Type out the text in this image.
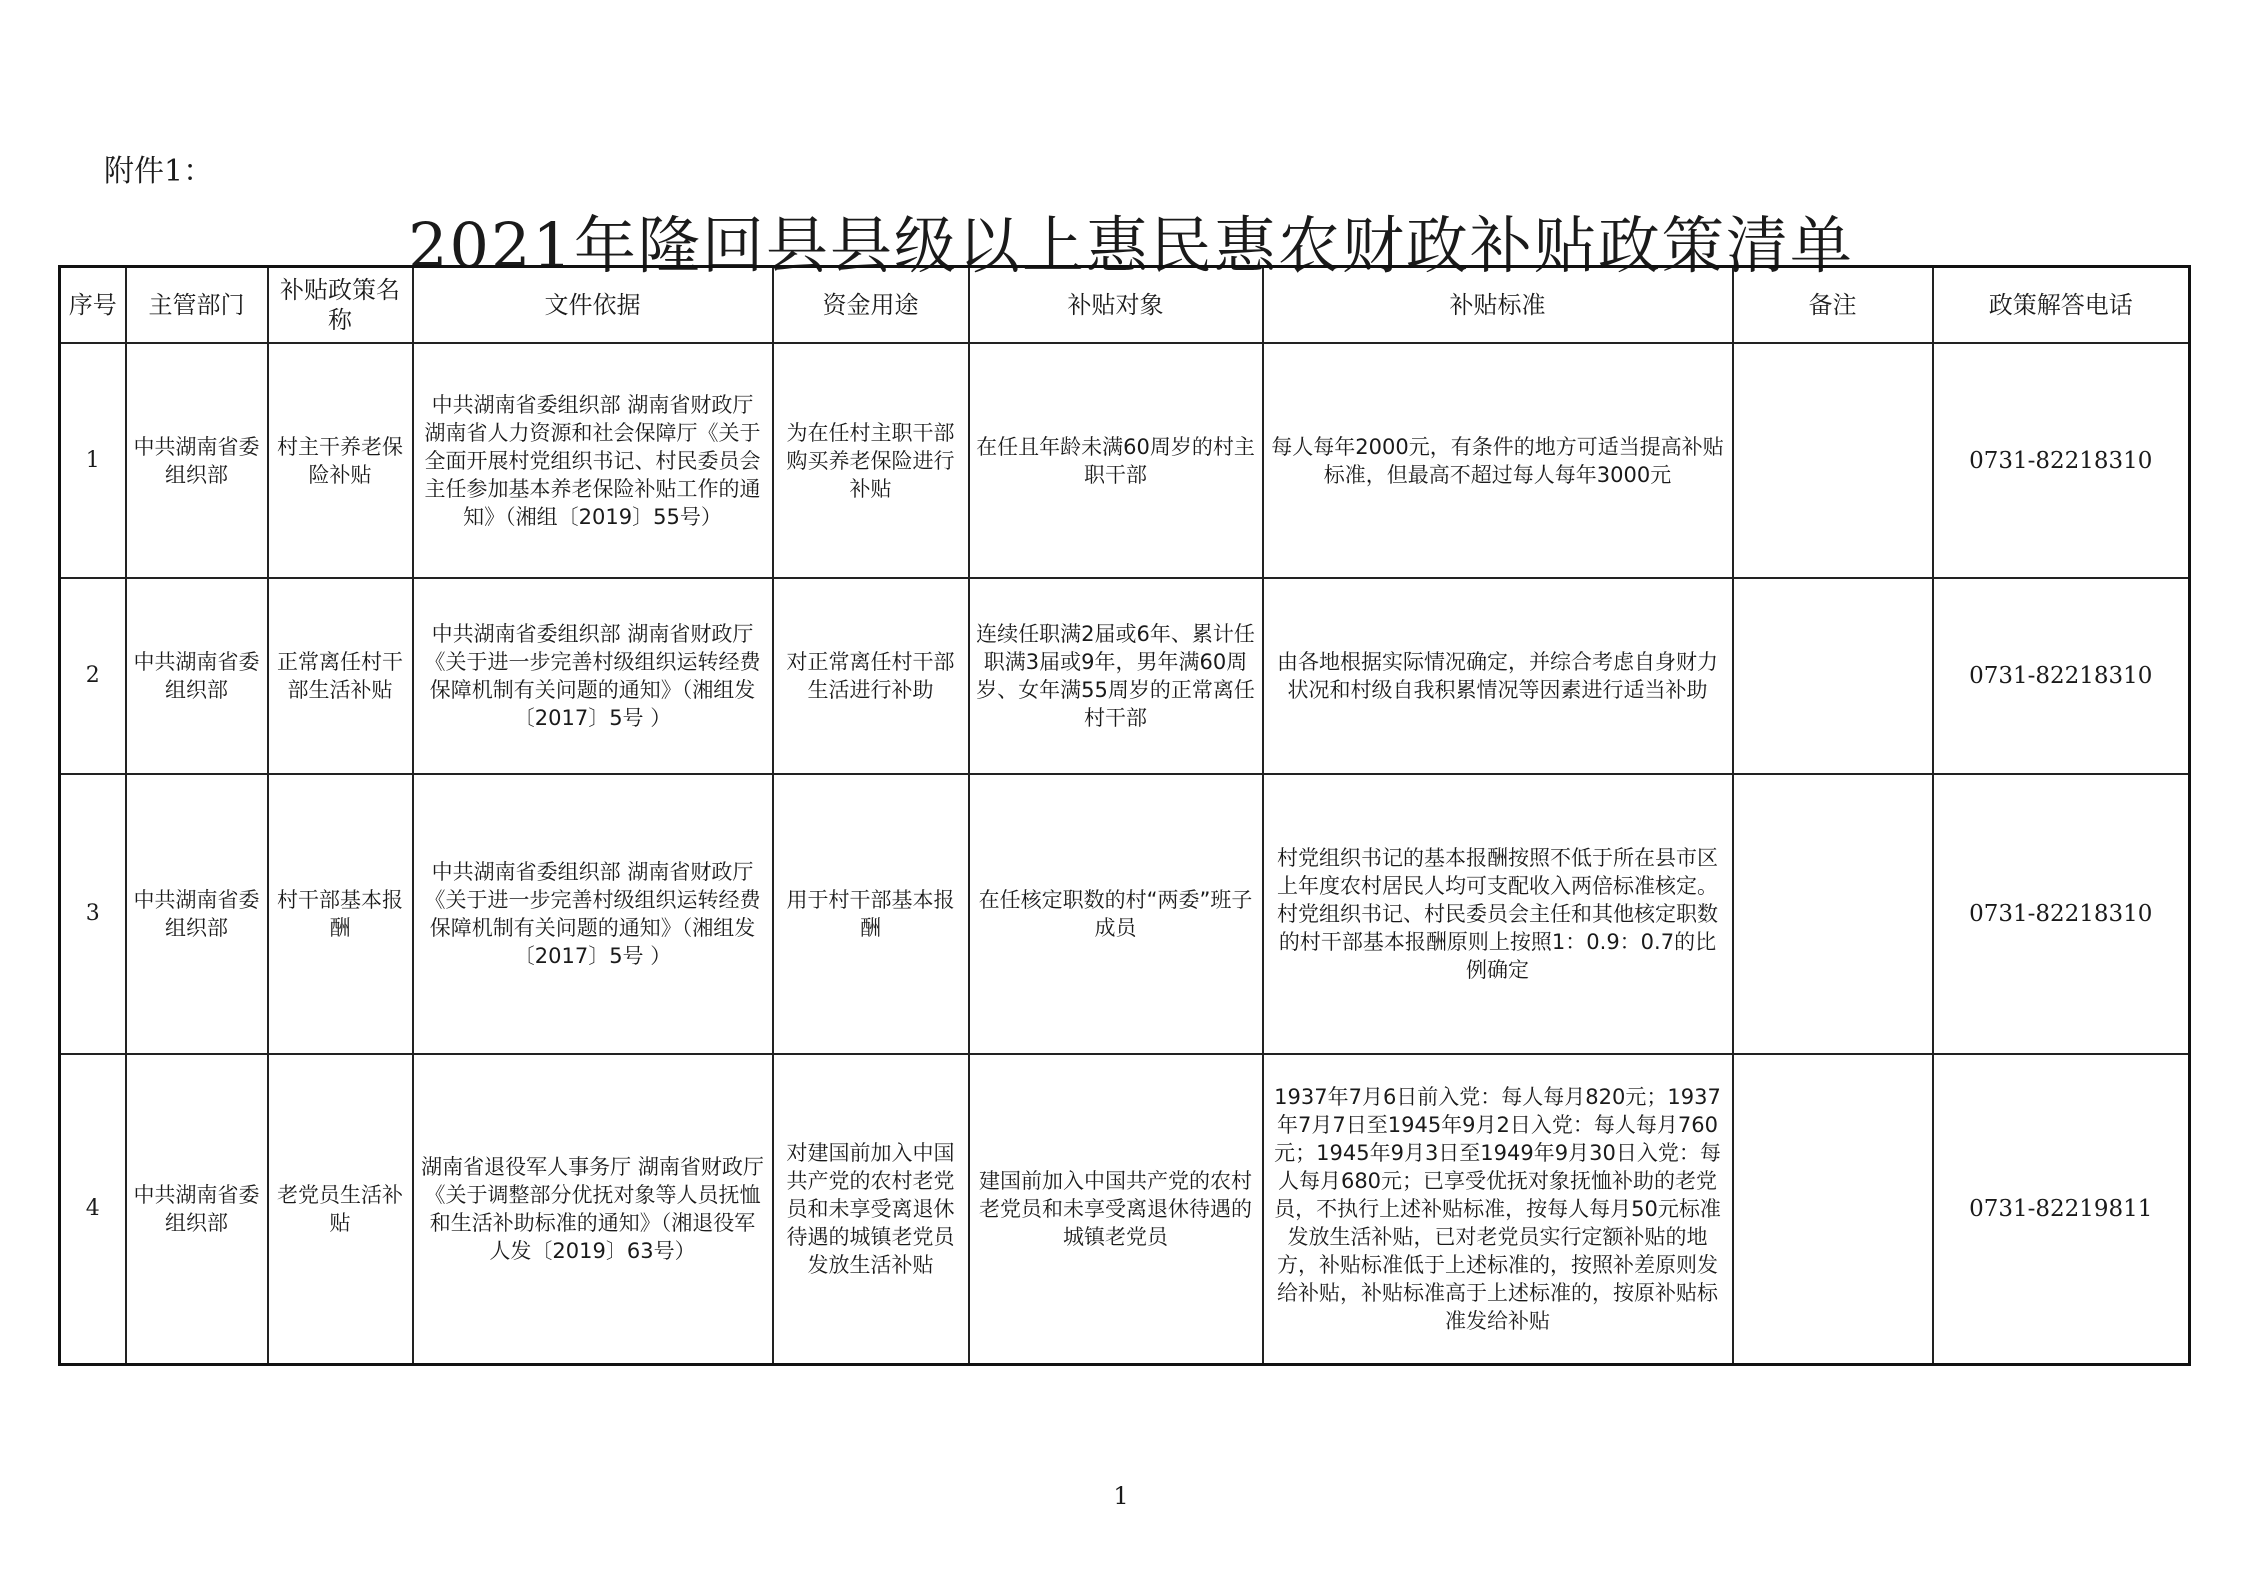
附件1：
2021年隆回县县级以上惠民惠农财政补贴政策清单
序号	主管部门	补贴政策名称	文件依据	资金用途	补贴对象	补贴标准	备注	政策解答电话
1	中共湖南省委组织部	村主干养老保险补贴	中共湖南省委组织部 湖南省财政厅 湖南省人力资源和社会保障厅《关于全面开展村党组织书记、村民委员会主任参加基本养老保险补贴工作的通知》（湘组〔2019〕55号）	为在任村主职干部购买养老保险进行补贴	在任且年龄未满60周岁的村主职干部	每人每年2000元，有条件的地方可适当提高补贴标准，但最高不超过每人每年3000元		0731-82218310
2	中共湖南省委组织部	正常离任村干部生活补贴	中共湖南省委组织部 湖南省财政厅《关于进一步完善村级组织运转经费保障机制有关问题的通知》（湘组发〔2017〕5号 ）	对正常离任村干部生活进行补助	连续任职满2届或6年、累计任职满3届或9年，男年满60周岁、女年满55周岁的正常离任村干部	由各地根据实际情况确定，并综合考虑自身财力状况和村级自我积累情况等因素进行适当补助		0731-82218310
3	中共湖南省委组织部	村干部基本报酬	中共湖南省委组织部 湖南省财政厅《关于进一步完善村级组织运转经费保障机制有关问题的通知》（湘组发〔2017〕5号 ）	用于村干部基本报酬	在任核定职数的村“两委”班子成员	村党组织书记的基本报酬按照不低于所在县市区上年度农村居民人均可支配收入两倍标准核定。村党组织书记、村民委员会主任和其他核定职数的村干部基本报酬原则上按照1：0.9：0.7的比例确定		0731-82218310
4	中共湖南省委组织部	老党员生活补贴	湖南省退役军人事务厅 湖南省财政厅《关于调整部分优抚对象等人员抚恤和生活补助标准的通知》（湘退役军人发〔2019〕63号）	对建国前加入中国共产党的农村老党员和未享受离退休待遇的城镇老党员发放生活补贴	建国前加入中国共产党的农村老党员和未享受离退休待遇的城镇老党员	1937年7月6日前入党：每人每月820元；1937年7月7日至1945年9月2日入党：每人每月760元；1945年9月3日至1949年9月30日入党：每人每月680元；已享受优抚对象抚恤补助的老党员，不执行上述补贴标准，按每人每月50元标准发放生活补贴，已对老党员实行定额补贴的地方，补贴标准低于上述标准的，按照补差原则发给补贴，补贴标准高于上述标准的，按原补贴标准发给补贴		0731-82219811
1
